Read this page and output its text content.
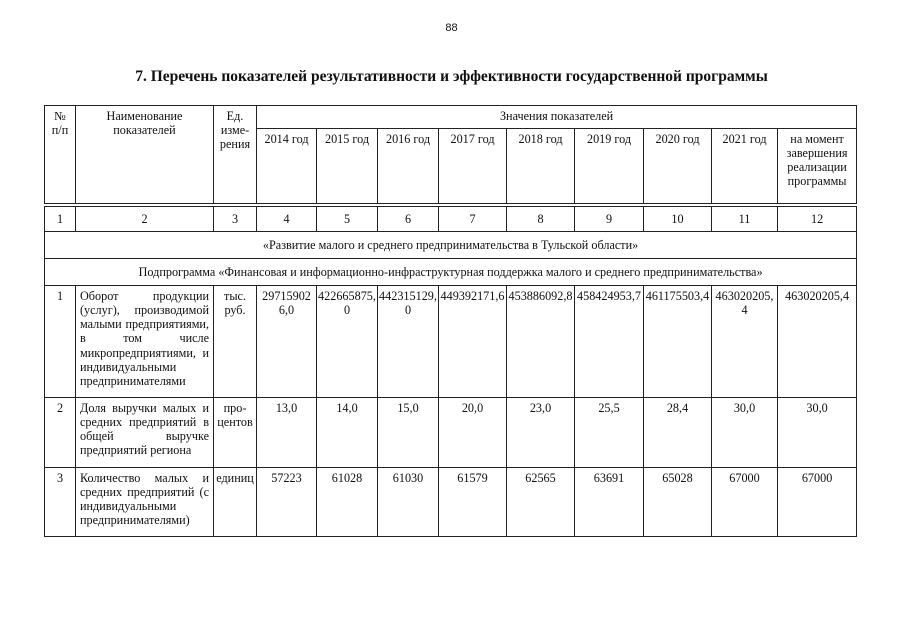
88
7. Перечень показателей результативности и эффективности государственной программы
№ п/п	Наименование показателей	Ед. изме-рения	Значения показателей								
			2014 год	2015 год	2016 год	2017 год	2018 год	2019 год	2020 год	2021 год	на момент завершения реализации программы

1	2	3	4	5	6	7	8	9	10	11	12
«Развитие малого и среднего предпринимательства в Тульской области»											
Подпрограмма «Финансовая и информационно-инфраструктурная поддержка малого и среднего предпринимательства»											
1	Оборот продукции (услуг), производимой малыми предприятиями, в том числе микропредприятиями, и индивидуальными предпринимателями	тыс. руб.	297159026,0	422665875,0	442315129,0	449392171,6	453886092,8	458424953,7	461175503,4	463020205,4	463020205,4
2	Доля выручки малых и средних предприятий в общей выручке предприятий региона	про-центов	13,0	14,0	15,0	20,0	23,0	25,5	28,4	30,0	30,0
3	Количество малых и средних предприятий (с индивидуальными предпринимателями)	единиц	57223	61028	61030	61579	62565	63691	65028	67000	67000
